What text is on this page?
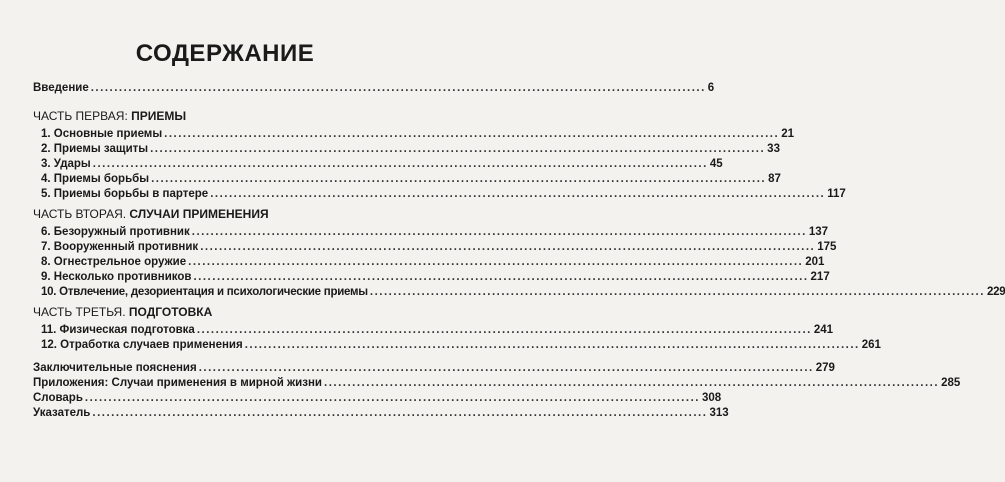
СОДЕРЖАНИЕ
Введение ................................................................................................................................... 6
ЧАСТЬ ПЕРВАЯ: ПРИЕМЫ
1. Основные приемы ................................................................................................................................... 21
2. Приемы защиты ................................................................................................................................... 33
3. Удары ................................................................................................................................... 45
4. Приемы борьбы ................................................................................................................................... 87
5. Приемы борьбы в партере ................................................................................................................................... 117
ЧАСТЬ ВТОРАЯ. СЛУЧАИ ПРИМЕНЕНИЯ
6. Безоружный противник ................................................................................................................................... 137
7. Вооруженный противник ................................................................................................................................... 175
8. Огнестрельное оружие ................................................................................................................................... 201
9. Несколько противников ................................................................................................................................... 217
10. Отвлечение, дезориентация и психологические приемы ................................................................................................................................... 229
ЧАСТЬ ТРЕТЬЯ. ПОДГОТОВКА
11. Физическая подготовка ................................................................................................................................... 241
12. Отработка случаев применения ................................................................................................................................... 261
Заключительные пояснения ................................................................................................................................... 279
Приложения: Случаи применения в мирной жизни ................................................................................................................................... 285
Словарь ................................................................................................................................... 308
Указатель ................................................................................................................................... 313
